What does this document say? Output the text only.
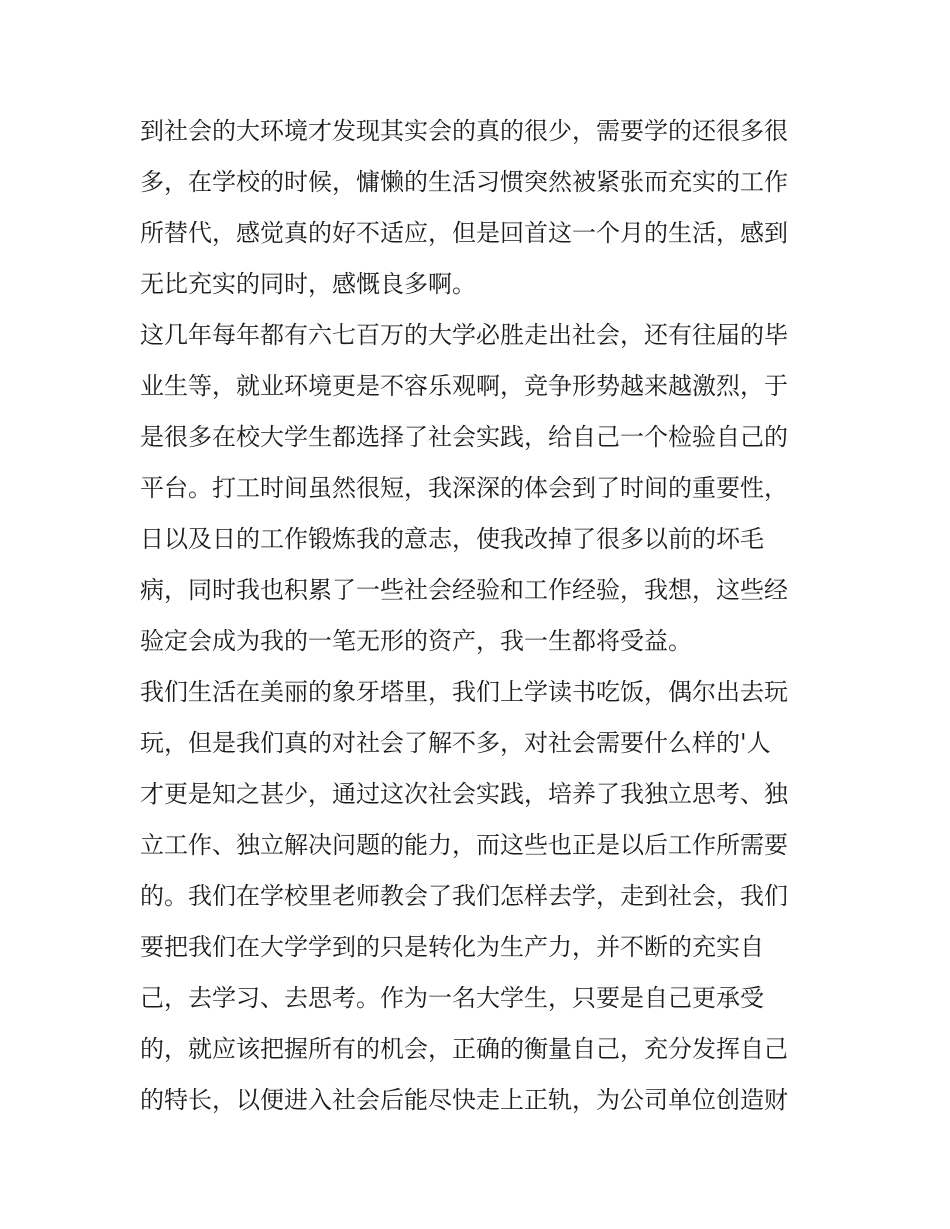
到社会的大环境才发现其实会的真的很少，需要学的还很多很
多，在学校的时候，慵懒的生活习惯突然被紧张而充实的工作
所替代，感觉真的好不适应，但是回首这一个月的生活，感到
无比充实的同时，感慨良多啊。
这几年每年都有六七百万的大学必胜走出社会，还有往届的毕
业生等，就业环境更是不容乐观啊，竞争形势越来越激烈，于
是很多在校大学生都选择了社会实践，给自己一个检验自己的
平台。打工时间虽然很短，我深深的体会到了时间的重要性，
日以及日的工作锻炼我的意志，使我改掉了很多以前的坏毛
病，同时我也积累了一些社会经验和工作经验，我想，这些经
验定会成为我的一笔无形的资产，我一生都将受益。
我们生活在美丽的象牙塔里，我们上学读书吃饭，偶尔出去玩
玩，但是我们真的对社会了解不多，对社会需要什么样的'人
才更是知之甚少，通过这次社会实践，培养了我独立思考、独
立工作、独立解决问题的能力，而这些也正是以后工作所需要
的。我们在学校里老师教会了我们怎样去学，走到社会，我们
要把我们在大学学到的只是转化为生产力，并不断的充实自
己，去学习、去思考。作为一名大学生，只要是自己更承受
的，就应该把握所有的机会，正确的衡量自己，充分发挥自己
的特长，以便进入社会后能尽快走上正轨，为公司单位创造财
